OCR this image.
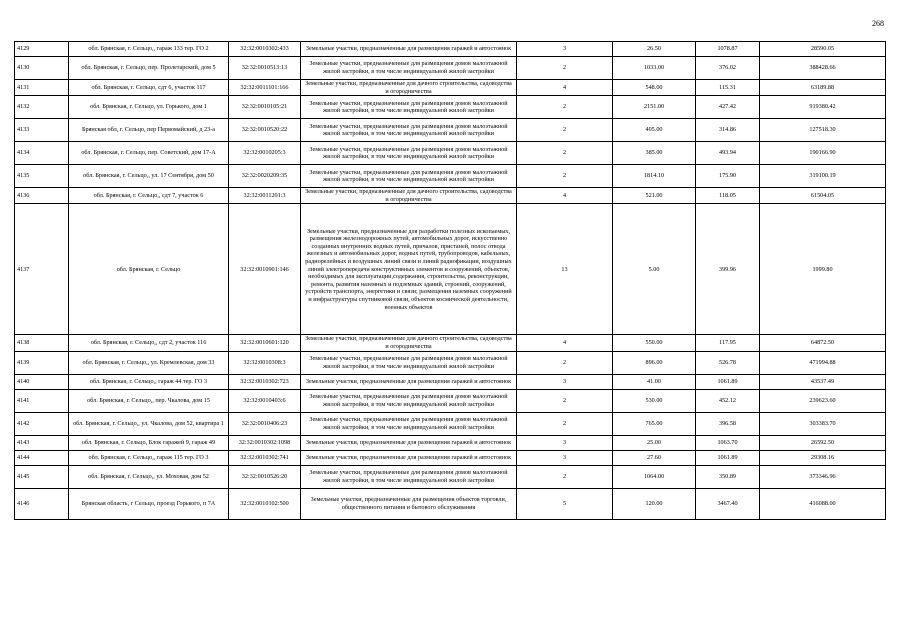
268
4129	обл. Брянская, г. Сельцо,, гараж 133 тер. ГО 2	32:32:0010302:433	Земельные участки, предназначенные для размещения гаражей и автостоянок	3	26.50	1078.87	28590.05
4130	обл. Брянская, г. Сельцо, пер. Пролетарский, дом 5	32:32:0010513:13	Земельные участки, предназначенные для размещения домов малоэтажной жилой застройки, в том числе индивидуальной жилой застройки	2	1033.00	376.02	388428.66
4131	обл. Брянская, г. Сельцо, сдт 6, участок 117	32:32:0011101:166	Земельные участки, предназначенные для дачного строительства, садоводства и огородничества	4	548.00	115.31	63189.88
4132	обл. Брянская, г. Сельцо, ул. Горького, дом 1	32:32:0010105:21	Земельные участки, предназначенные для размещения домов малоэтажной жилой застройки, в том числе индивидуальной жилой застройки	2	2151.00	427.42	919380.42
4133	Брянская обл, г. Сельцо, пер Первомайский, д 23-а	32:32:0010520:22	Земельные участки, предназначенные для размещения домов малоэтажной жилой застройки, в том числе индивидуальной жилой застройки	2	405.00	314.86	127518.30
4134	обл. Брянская, г. Сельцо, пер. Советский, дом 17-А	32:32:0010205:3	Земельные участки, предназначенные для размещения домов малоэтажной жилой застройки, в том числе индивидуальной жилой застройки	2	385.00	493.94	190166.90
4135	обл. Брянская, г. Сельцо,, ул. 17 Сентября, дом 50	32:32:0020209:35	Земельные участки, предназначенные для размещения домов малоэтажной жилой застройки, в том числе индивидуальной жилой застройки	2	1814.10	175.90	319100.19
4136	обл. Брянская, г. Сельцо,, сдт 7, участок 6	32:32:0011201:3	Земельные участки, предназначенные для дачного строительства, садоводства и огородничества	4	521.00	118.05	61504.05
4137	обл. Брянская, г. Сельцо	32:32:0010901:146	Земельные участки, предназначенные для разработки полезных ископаемых, размещения железнодорожных путей, автомобильных дорог, искусственно созданных внутренних водных путей, причалов, пристаней, полос отвода железных и автомобильных дорог, водных путей, трубопроводов, кабельных, радиорелейных и воздушных линий связи и линий радиофикации, воздушных линий электропередачи конструктивных элементов и сооружений, объектов, необходимых для эксплуатации,содержания, строительства, реконструкции, ремонта, развития наземных и подземных зданий, строений, сооружений, устройств транспорта, энергетики и связи; размещения наземных сооружений и инфраструктуры спутниковой связи, объектов космической деятельности, военных объектов	13	5.00	399.96	1999.80
4138	обл. Брянская, г. Сельцо,, сдт 2, участок 116	32:32:0010601:120	Земельные участки, предназначенные для дачного строительства, садоводства и огородничества	4	550.00	117.95	64872.50
4139	обл. Брянская, г. Сельцо,, ул. Кремлевская, дом 33	32:32:0010308:3	Земельные участки, предназначенные для размещения домов малоэтажной жилой застройки, в том числе индивидуальной жилой застройки	2	896.00	526.78	471994.88
4140	обл. Брянская, г. Сельцо,, гараж 44 тер. ГО 3	32:32:0010302:723	Земельные участки, предназначенные для размещения гаражей и автостоянок	3	41.00	1061.89	43537.49
4141	обл. Брянская, г. Сельцо,, пер. Чкалова, дом 15	32:32:0010403:6	Земельные участки, предназначенные для размещения домов малоэтажной жилой застройки, в том числе индивидуальной жилой застройки	2	530.00	452.12	239623.60
4142	обл. Брянская, г. Сельцо,, ул. Чкалова, дом 52, квартира 1	32:32:0010406:23	Земельные участки, предназначенные для размещения домов малоэтажной жилой застройки, в том числе индивидуальной жилой застройки	2	765.00	396.58	303383.70
4143	обл. Брянская, г. Сельцо, Блок гаражей 9, гараж 49	32:32:0010302:1098	Земельные участки, предназначенные для размещения гаражей и автостоянок	3	25.00	1063.70	26592.50
4144	обл. Брянская, г. Сельцо,, гараж 115 тер. ГО 3	32:32:0010302:741	Земельные участки, предназначенные для размещения гаражей и автостоянок	3	27.60	1061.89	29308.16
4145	обл. Брянская, г. Сельцо,, ул. Моховая, дом 52	32:32:0010526:20	Земельные участки, предназначенные для размещения домов малоэтажной жилой застройки, в том числе индивидуальной жилой застройки	2	1064.00	350.89	373346.96
4146	Брянская область, г Сельцо, проезд Горького, п 7А	32:32:0010102:500	Земельные участки, предназначенные для размещения объектов торговли, общественного питания и бытового обслуживания	5	120.00	3467.40	416088.00
